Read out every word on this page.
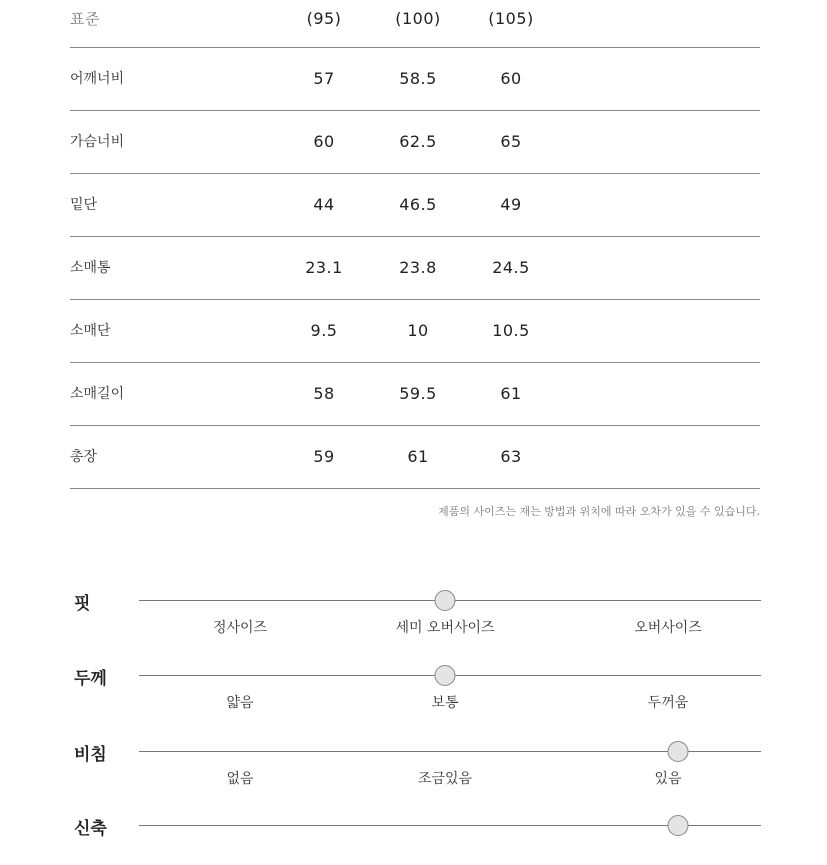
표준	(95)	(100)	(105)
어깨너비	57	58.5	60
가슴너비	60	62.5	65
밑단	44	46.5	49
소매통	23.1	23.8	24.5
소매단	9.5	10	10.5
소매길이	58	59.5	61
총장	59	61	63
제품의 사이즈는 재는 방법과 위치에 따라 오차가 있을 수 있습니다.
핏
정사이즈	세미 오버사이즈	오버사이즈
두께
얇음	보통	두꺼움
비침
없음	조금있음	있음
신축
